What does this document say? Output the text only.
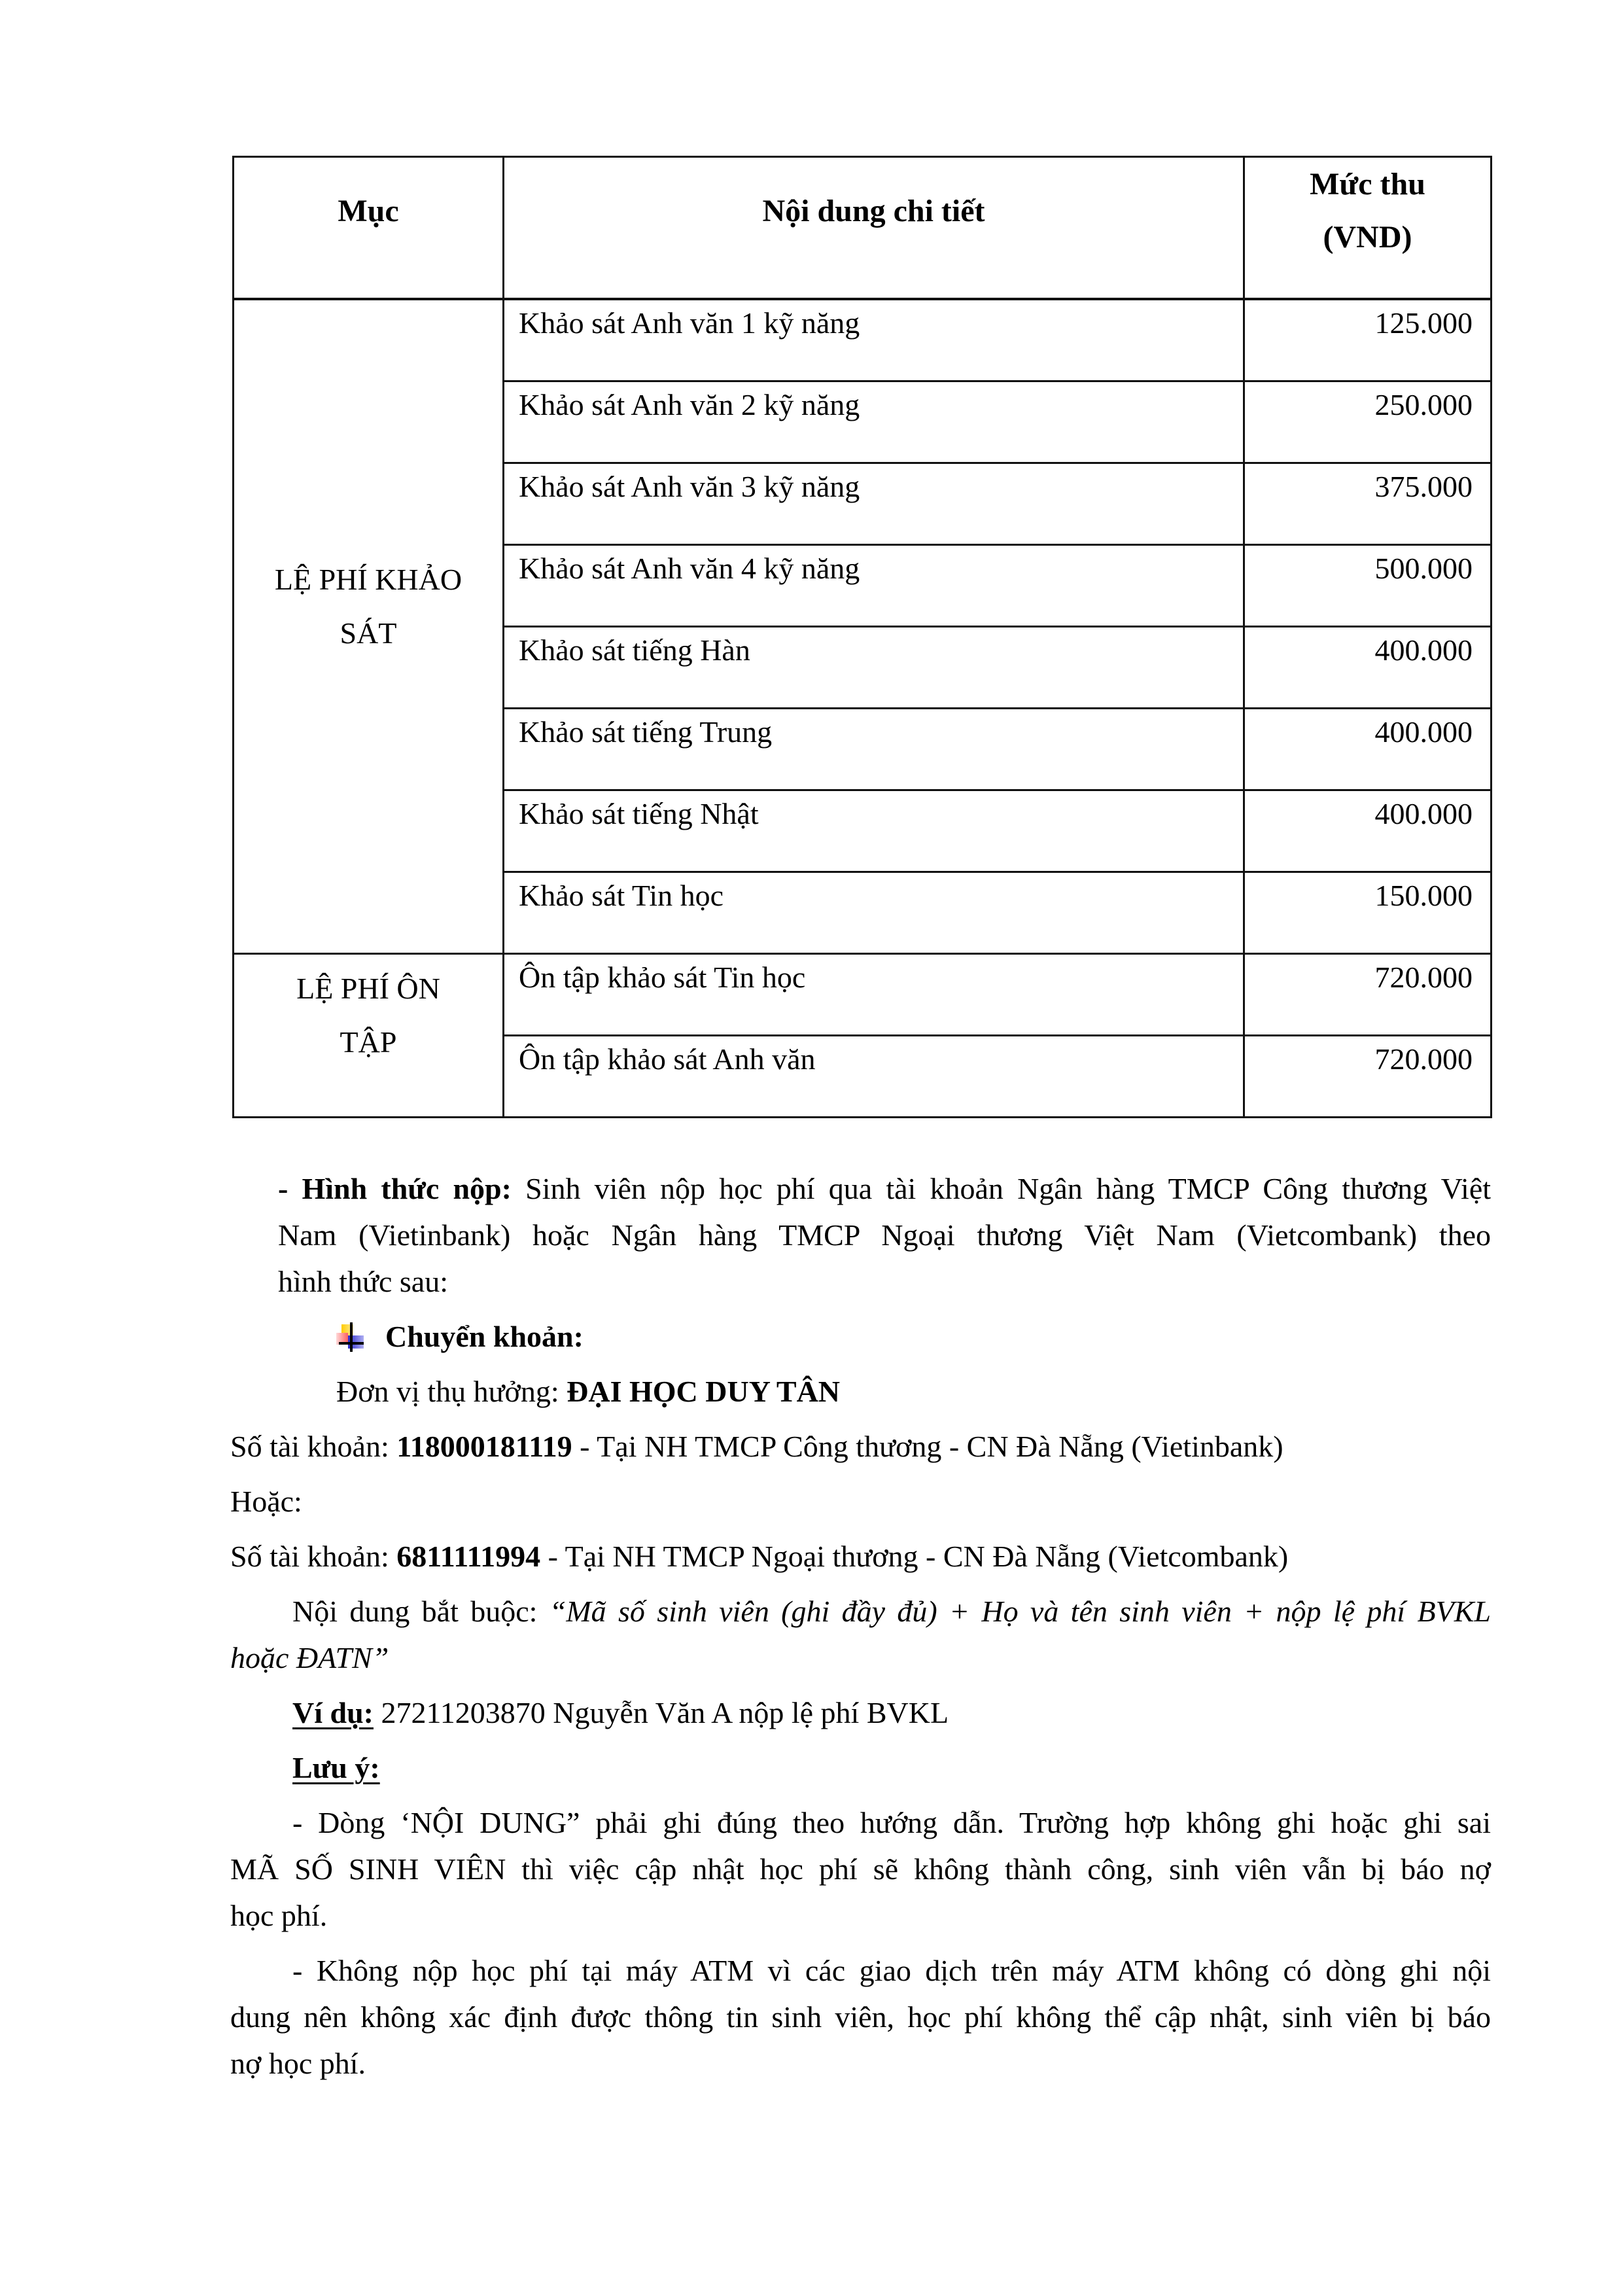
Mục	Nội dung chi tiết	Mức thu
(VND)

LỆ PHÍ KHẢO
SÁT	Khảo sát Anh văn 1 kỹ năng	125.000
	Khảo sát Anh văn 2 kỹ năng	250.000
	Khảo sát Anh văn 3 kỹ năng	375.000
	Khảo sát Anh văn 4 kỹ năng	500.000
	Khảo sát tiếng Hàn	400.000
	Khảo sát tiếng Trung	400.000
	Khảo sát tiếng Nhật	400.000
	Khảo sát Tin học	150.000

LỆ PHÍ ÔN
TẬP	Ôn tập khảo sát Tin học	720.000
	Ôn tập khảo sát Anh văn	720.000
- Hình thức nộp: Sinh viên nộp học phí qua tài khoản Ngân hàng TMCP Công thương Việt
Nam (Vietinbank) hoặc Ngân hàng TMCP Ngoại thương Việt Nam (Vietcombank) theo
hình thức sau:
Chuyển khoản:
Đơn vị thụ hưởng: ĐẠI HỌC DUY TÂN
Số tài khoản: 118000181119 - Tại NH TMCP Công thương - CN Đà Nẵng (Vietinbank)
Hoặc:
Số tài khoản: 6811111994 - Tại NH TMCP Ngoại thương - CN Đà Nẵng (Vietcombank)
Nội dung bắt buộc: “Mã số sinh viên (ghi đầy đủ) + Họ và tên sinh viên + nộp lệ phí BVKL
hoặc ĐATN”
Ví dụ: 27211203870 Nguyễn Văn A nộp lệ phí BVKL
Lưu ý:
- Dòng ‘NỘI DUNG” phải ghi đúng theo hướng dẫn. Trường hợp không ghi hoặc ghi sai
MÃ SỐ SINH VIÊN thì việc cập nhật học phí sẽ không thành công, sinh viên vẫn bị báo nợ
học phí.
- Không nộp học phí tại máy ATM vì các giao dịch trên máy ATM không có dòng ghi nội
dung nên không xác định được thông tin sinh viên, học phí không thể cập nhật, sinh viên bị báo
nợ học phí.
